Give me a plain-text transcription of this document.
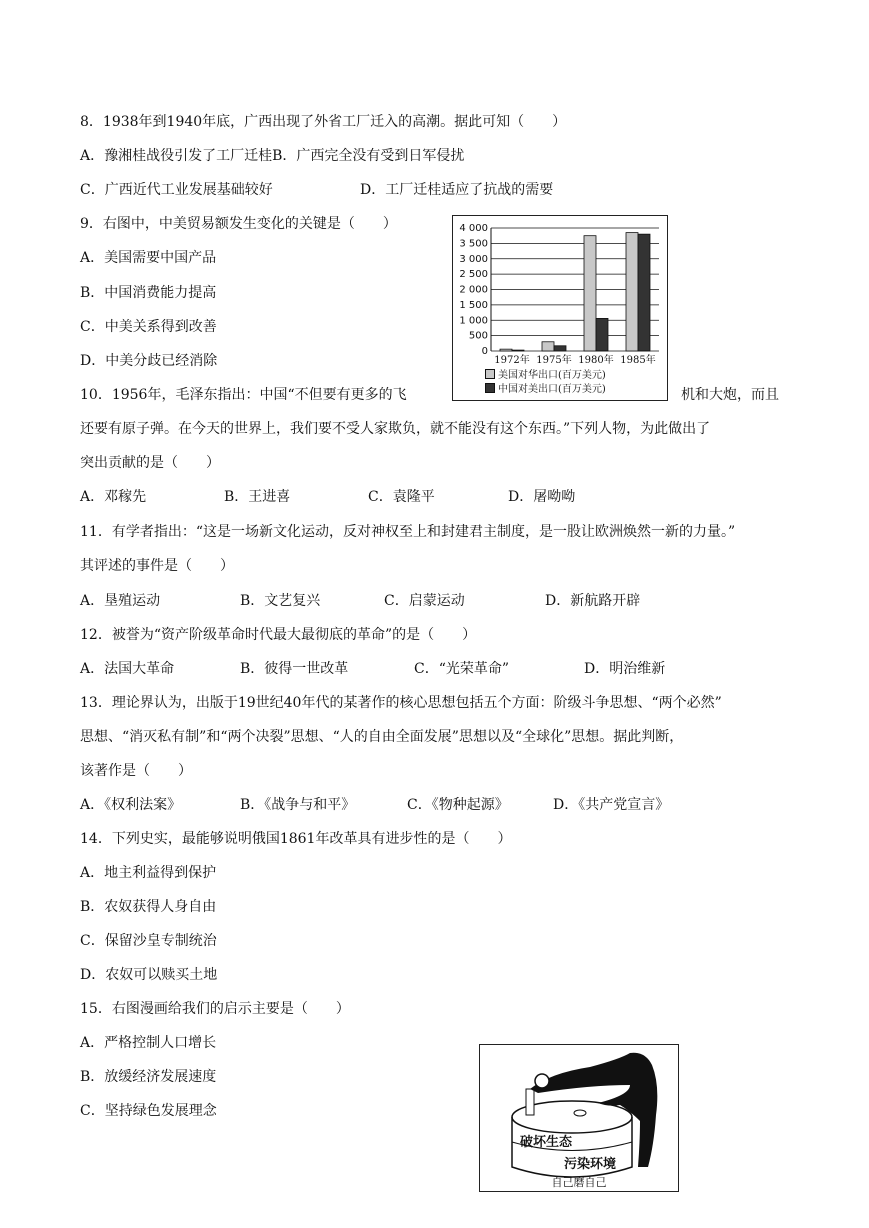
8．1938年到1940年底，广西出现了外省工厂迁入的高潮。据此可知（　　）
A．豫湘桂战役引发了工厂迁桂B．广西完全没有受到日军侵扰
C．广西近代工业发展基础较好	D．工厂迁桂适应了抗战的需要
9．右图中，中美贸易额发生变化的关键是（　　）
A．美国需要中国产品
B．中国消费能力提高
C．中美关系得到改善
D．中美分歧已经消除
0
500
1 000
1 500
2 000
2 500
3 000
3 500
4 000
1972年 1975年 1980年 1985年
美国对华出口(百万美元)
中国对美出口(百万美元)
10．1956年，毛泽东指出：中国“不但要有更多的飞	机和大炮，而且
还要有原子弹。在今天的世界上，我们要不受人家欺负，就不能没有这个东西。”下列人物，为此做出了
突出贡献的是（　　）
A．邓稼先	B．王进喜	C．袁隆平	D．屠呦呦
11．有学者指出：“这是一场新文化运动，反对神权至上和封建君主制度，是一股让欧洲焕然一新的力量。”
其评述的事件是（　　）
A．垦殖运动	B．文艺复兴	C．启蒙运动	D．新航路开辟
12．被誉为“资产阶级革命时代最大最彻底的革命”的是（　　）
A．法国大革命	B．彼得一世改革	C．“光荣革命”	D．明治维新
13．理论界认为，出版于19世纪40年代的某著作的核心思想包括五个方面：阶级斗争思想、“两个必然”
思想、“消灭私有制”和“两个决裂”思想、“人的自由全面发展”思想以及“全球化”思想。据此判断，
该著作是（　　）
A．《权利法案》	B．《战争与和平》	C．《物种起源》	D．《共产党宣言》
14．下列史实，最能够说明俄国1861年改革具有进步性的是（　　）
A．地主利益得到保护
B．农奴获得人身自由
C．保留沙皇专制统治
D．农奴可以赎买土地
15．右图漫画给我们的启示主要是（　　）
A．严格控制人口增长
B．放缓经济发展速度
C．坚持绿色发展理念
破坏生态
污染环境
自己磨自己
